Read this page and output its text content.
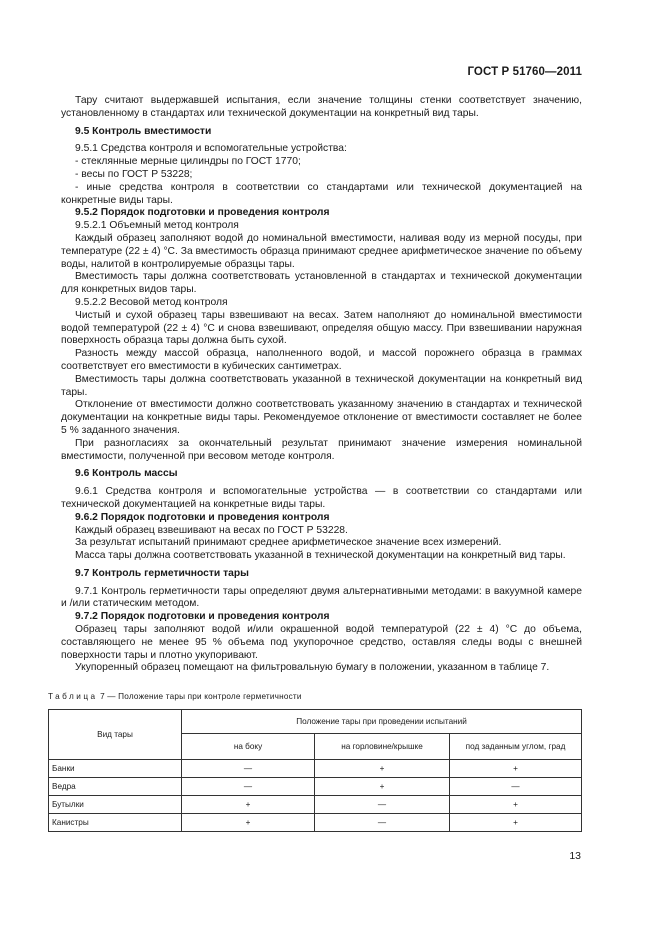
ГОСТ Р 51760—2011

Тару считают выдержавшей испытания, если значение толщины стенки соответствует значению, установленному в стандартах или технической документации на конкретный вид тары.

9.5 Контроль вместимости

9.5.1 Средства контроля и вспомогательные устройства:

- стеклянные мерные цилиндры по ГОСТ 1770;

- весы по ГОСТ Р 53228;

- иные средства контроля в соответствии со стандартами или технической документацией на конкретные виды тары.

9.5.2 Порядок подготовки и проведения контроля

9.5.2.1 Объемный метод контроля

Каждый образец заполняют водой до номинальной вместимости, наливая воду из мерной посуды, при температуре (22 ± 4) °С. За вместимость образца принимают среднее арифметическое значение по объему воды, налитой в контролируемые образцы тары.

Вместимость тары должна соответствовать установленной в стандартах и технической документации для конкретных видов тары.

9.5.2.2 Весовой метод контроля

Чистый и сухой образец тары взвешивают на весах. Затем наполняют до номинальной вместимости водой температурой (22 ± 4) °С и снова взвешивают, определяя общую массу. При взвешивании наружная поверхность образца тары должна быть сухой.

Разность между массой образца, наполненного водой, и массой порожнего образца в граммах соответствует его вместимости в кубических сантиметрах.

Вместимость тары должна соответствовать указанной в технической документации на конкретный вид тары.

Отклонение от вместимости должно соответствовать указанному значению в стандартах и технической документации на конкретные виды тары. Рекомендуемое отклонение от вместимости составляет не более 5 % заданного значения.

При разногласиях за окончательный результат принимают значение измерения номинальной вместимости, полученной при весовом методе контроля.

9.6 Контроль массы

9.6.1 Средства контроля и вспомогательные устройства — в соответствии со стандартами или технической документацией на конкретные виды тары.

9.6.2 Порядок подготовки и проведения контроля

Каждый образец взвешивают на весах по ГОСТ Р 53228.

За результат испытаний принимают среднее арифметическое значение всех измерений.

Масса тары должна соответствовать указанной в технической документации на конкретный вид тары.

9.7 Контроль герметичности тары

9.7.1 Контроль герметичности тары определяют двумя альтернативными методами: в вакуумной камере и /или статическим методом.

9.7.2 Порядок подготовки и проведения контроля

Образец тары заполняют водой и/или окрашенной водой температурой (22 ± 4) °С до объема, составляющего не менее 95 % объема под укупорочное средство, оставляя следы воды с внешней поверхности тары и плотно укупоривают.

Укупоренный образец помещают на фильтровальную бумагу в положении, указанном в таблице 7.

Таблица 7 — Положение тары при контроле герметичности
Вид тары	Положение тары при проведении испытаний		
	на боку	на горловине/крышке	под заданным углом, град
Банки	—	+	+
Ведра	—	+	—
Бутылки	+	—	+
Канистры	+	—	+
13
